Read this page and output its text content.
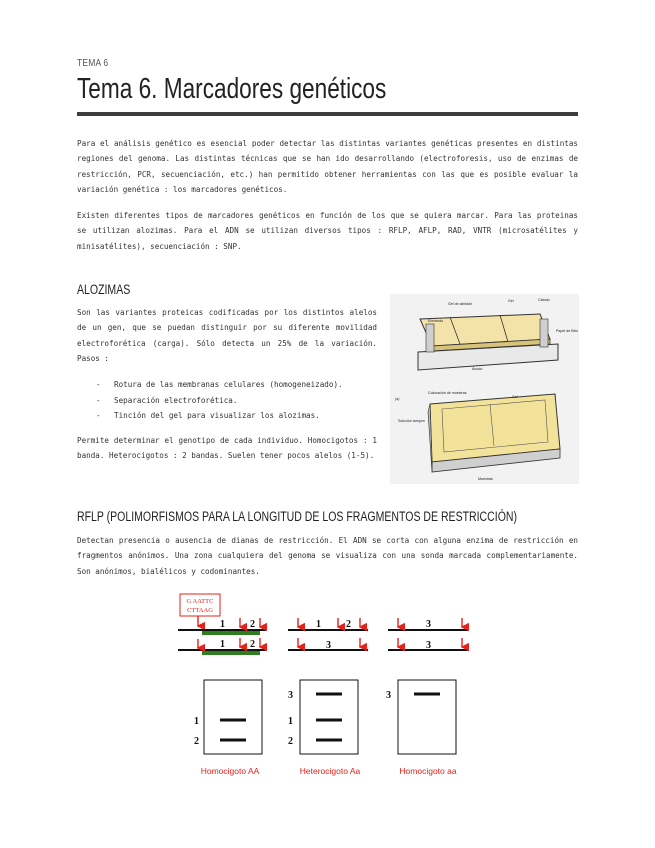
TEMA 6
Tema 6. Marcadores genéticos

Para el análisis genético es esencial poder detectar las distintas variantes genéticas presentes en distintas regiones del genoma. Las distintas técnicas que se han ido desarrollando (electroforesis, uso de enzimas de restricción, PCR, secuenciación, etc.) han permitido obtener herramientas con las que es posible evaluar la variación genética : los marcadores genéticos.

Existen diferentes tipos de marcadores genéticos en función de los que se quiera marcar. Para las proteinas se utilizan alozimas. Para el ADN se utilizan diversos tipos : RFLP, AFLP, RAD, VNTR (microsatélites y minisatélites), secuenciación : SNP.

ALOZIMAS

Son las variantes proteicas codificadas por los distintos alelos de un gen, que se puedan distinguir por su diferente movilidad electroforética (carga). Sólo detecta un 25% de la variación. Pasos :

- Rotura de las membranas celulares (homogeneizado).
- Separación electroforética.
- Tinción del gel para visualizar los alozimas.

Permite determinar el genotipo de cada individuo. Homocigotos : 1 banda. Heterocigotos : 2 bandas. Suelen tener pocos alelos (1-5).

Gel de almidón
Gel	Cátodo
Electrodo
Papel de filtro
Ánodo
(a)
Colocación de muestras
Gel
Solución tampón
Muestras
RFLP (POLIMORFISMOS PARA LA LONGITUD DE LOS FRAGMENTOS DE RESTRICCIÓN)

Detectan presencia o ausencia de dianas de restricción. El ADN se corta con alguna enzima de restricción en fragmentos anónimos. Una zona cualquiera del genoma se visualiza con una sonda marcada complementariamente. Son anónimos, bialélicos y codominantes.

G AATTC
CTTAAG
1	2
1	2
1	2
3
3
3
1
2
3
1
2
3
Homocigoto AA	Heterocigoto Aa	Homocigoto aa
